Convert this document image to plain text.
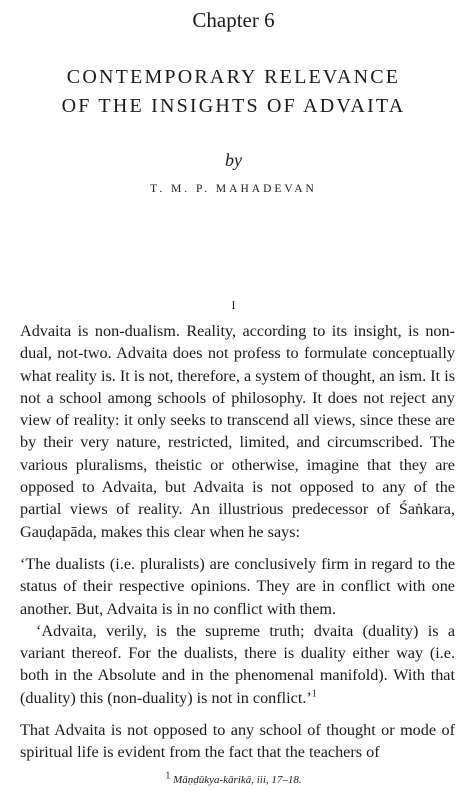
Chapter 6
CONTEMPORARY RELEVANCE
OF THE INSIGHTS OF ADVAITA
by
T. M. P. MAHADEVAN
I

Advaita is non-dualism. Reality, according to its insight, is non-dual, not-two. Advaita does not profess to formulate conceptually what reality is. It is not, therefore, a system of thought, an ism. It is not a school among schools of philosophy. It does not reject any view of reality: it only seeks to transcend all views, since these are by their very nature, restricted, limited, and circumscribed. The various pluralisms, theistic or otherwise, imagine that they are opposed to Advaita, but Advaita is not opposed to any of the partial views of reality. An illustrious predecessor of Śaṅkara, Gauḍapāda, makes this clear when he says:

‘The dualists (i.e. pluralists) are conclusively firm in regard to the status of their respective opinions. They are in conflict with one another. But, Advaita is in no conflict with them.

‘Advaita, verily, is the supreme truth; dvaita (duality) is a variant thereof. For the dualists, there is duality either way (i.e. both in the Absolute and in the phenomenal manifold). With that (duality) this (non-duality) is not in conflict.’$^1$

That Advaita is not opposed to any school of thought or mode of spiritual life is evident from the fact that the teachers of

1 Māṇḍūkya-kārikā, iii, 17–18.
